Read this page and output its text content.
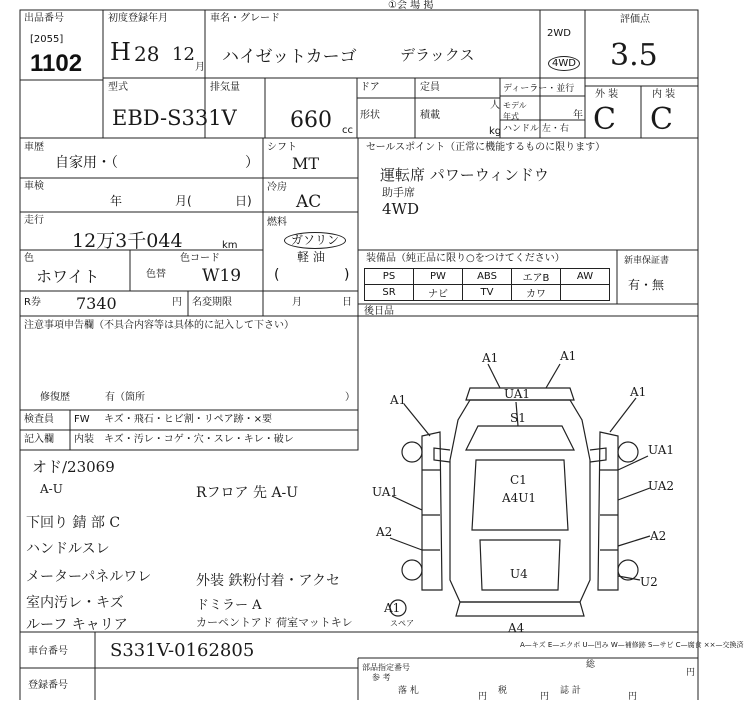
出品番号
[2055]
1102
初度登録年月
H 28 12
月
車名・グレード
ハイゼットカーゴ	デラックス
①会 場 掲
2WD
4WD
評価点
3.5
型式
EBD-S331V
排気量
660 cc
ドア	定員
人
形状	積載
kg
ディーラー・並行
モデル年式	年
ハンドル 左・右
外 装	内 装
C C
車歴
自家用・（	）
車検
年	月(	日)
走行
12万3千044	km
色
ホワイト	色替
色コード
W19
R券 7340	円 名変期限	月	日
シフト
MT
冷房
AC
燃料
ガソリン
軽 油
(	)
セールスポイント（正常に機能するものに限ります）
運転席 パワーウィンドウ
助手席
4WD
装備品（純正品に限り○をつけてください）
PS	PW	ABS	エアB	AW
SR	ナビ	TV	カワ	
新車保証書
有・無
後日品
注意事項申告欄（不具合内容等は具体的に記入して下さい）
修復歴	有（箇所	）
検査員
記入欄
FW キズ・飛石・ヒビ割・リペア跡・×要
内装 キズ・汚レ・コゲ・穴・スレ・キレ・破レ
オド/23069
A-U
下回り 錆 部 C
ハンドルスレ
メーターパネルワレ
室内汚レ・キズ
ルーフ キャリア
Rフロア 先 A-U
外装 鉄粉付着・アクセ
ドミラー A
カーペントアド 荷室マットキレ
A1	A1
A1	UA1
S1
A1
UA1
C1
A4U1
UA1
A2
UA2
A2
U4
U2
A4
A1
スペア
A—キズ E—エクボ U—凹み W—補修跡 S—サビ C—腐食 ××—交換済
車台番号 S331V-0162805
登録番号
部品指定番号
参 考
落 札
円
税
円
誌 計
円
総
円
